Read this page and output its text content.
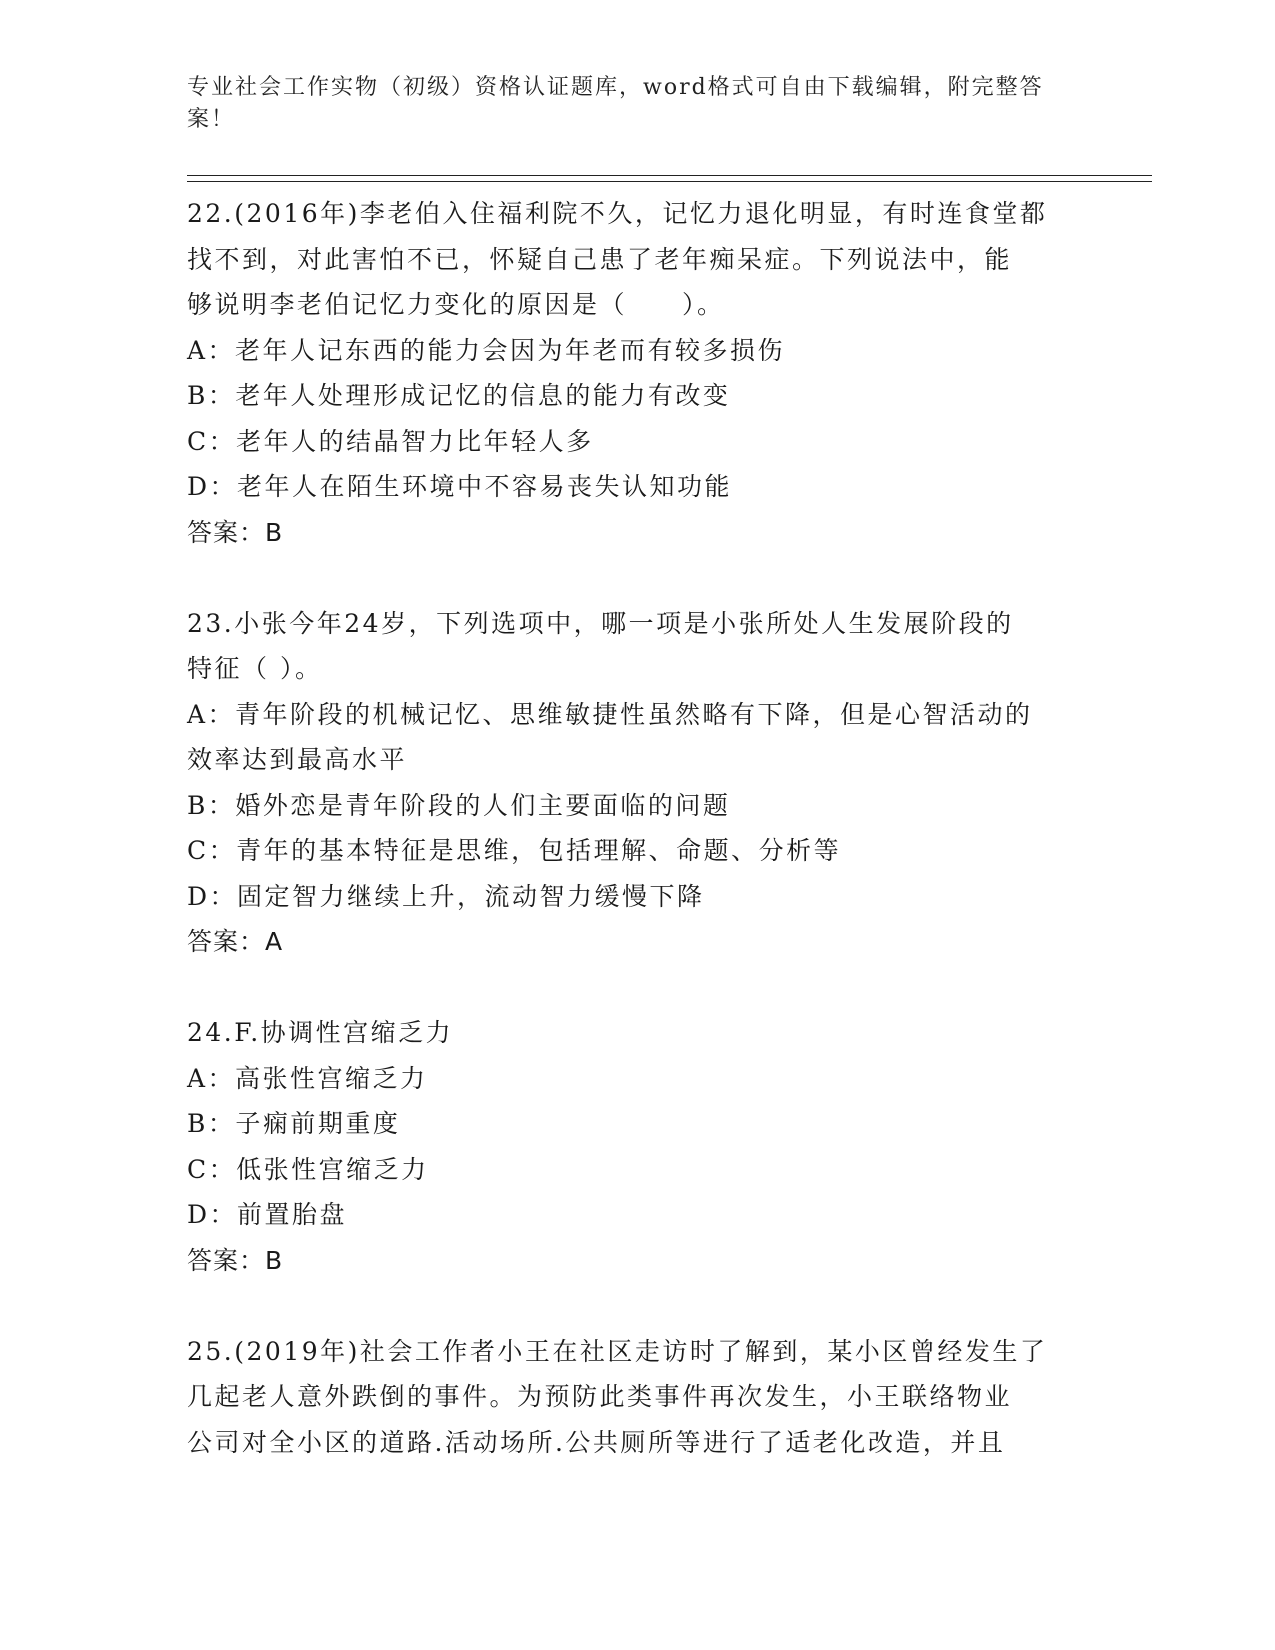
专业社会工作实物（初级）资格认证题库，word格式可自由下载编辑，附完整答
案！
22.(2016年)李老伯入住福利院不久，记忆力退化明显，有时连食堂都
找不到，对此害怕不已，怀疑自己患了老年痴呆症。下列说法中，能
够说明李老伯记忆力变化的原因是（　　）。
A：老年人记东西的能力会因为年老而有较多损伤
B：老年人处理形成记忆的信息的能力有改变
C：老年人的结晶智力比年轻人多
D：老年人在陌生环境中不容易丧失认知功能
答案：B
23.小张今年24岁，下列选项中，哪一项是小张所处人生发展阶段的
特征（ ）。
A：青年阶段的机械记忆、思维敏捷性虽然略有下降，但是心智活动的
效率达到最高水平
B：婚外恋是青年阶段的人们主要面临的问题
C：青年的基本特征是思维，包括理解、命题、分析等
D：固定智力继续上升，流动智力缓慢下降
答案：A
24.F.协调性宫缩乏力
A：高张性宫缩乏力
B：子痫前期重度
C：低张性宫缩乏力
D：前置胎盘
答案：B
25.(2019年)社会工作者小王在社区走访时了解到，某小区曾经发生了
几起老人意外跌倒的事件。为预防此类事件再次发生，小王联络物业
公司对全小区的道路.活动场所.公共厕所等进行了适老化改造，并且
